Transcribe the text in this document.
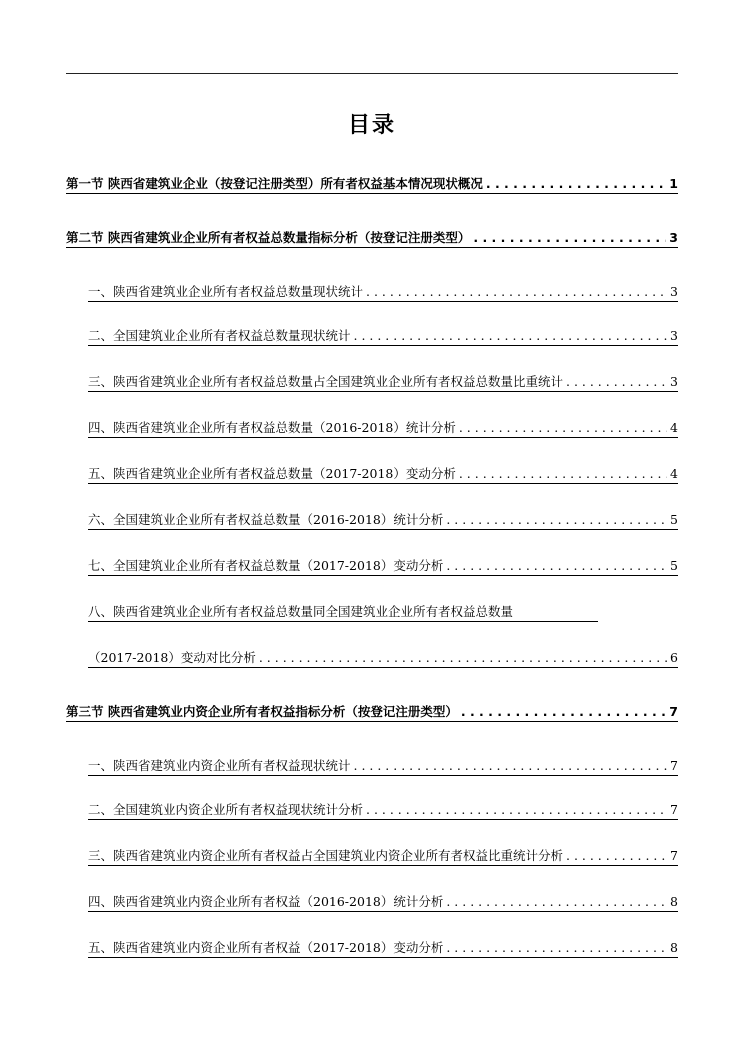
目录
第一节 陕西省建筑业企业（按登记注册类型）所有者权益基本情况现状概况 . . .	1
第二节 陕西省建筑业企业所有者权益总数量指标分析（按登记注册类型） . . .	3
一、陕西省建筑业企业所有者权益总数量现状统计 . . .	3
二、全国建筑业企业所有者权益总数量现状统计 . . .	3
三、陕西省建筑业企业所有者权益总数量占全国建筑业企业所有者权益总数量比重统计 . . .	3
四、陕西省建筑业企业所有者权益总数量（2016-2018）统计分析 . . .	4
五、陕西省建筑业企业所有者权益总数量（2017-2018）变动分析 . . .	4
六、全国建筑业企业所有者权益总数量（2016-2018）统计分析 . . .	5
七、全国建筑业企业所有者权益总数量（2017-2018）变动分析 . . .	5
八、陕西省建筑业企业所有者权益总数量同全国建筑业企业所有者权益总数量
（2017-2018）变动对比分析 . . .	6
第三节 陕西省建筑业内资企业所有者权益指标分析（按登记注册类型） . . .	7
一、陕西省建筑业内资企业所有者权益现状统计 . . .	7
二、全国建筑业内资企业所有者权益现状统计分析 . . .	7
三、陕西省建筑业内资企业所有者权益占全国建筑业内资企业所有者权益比重统计分析 . . .	7
四、陕西省建筑业内资企业所有者权益（2016-2018）统计分析 . . .	8
五、陕西省建筑业内资企业所有者权益（2017-2018）变动分析 . . .	8
